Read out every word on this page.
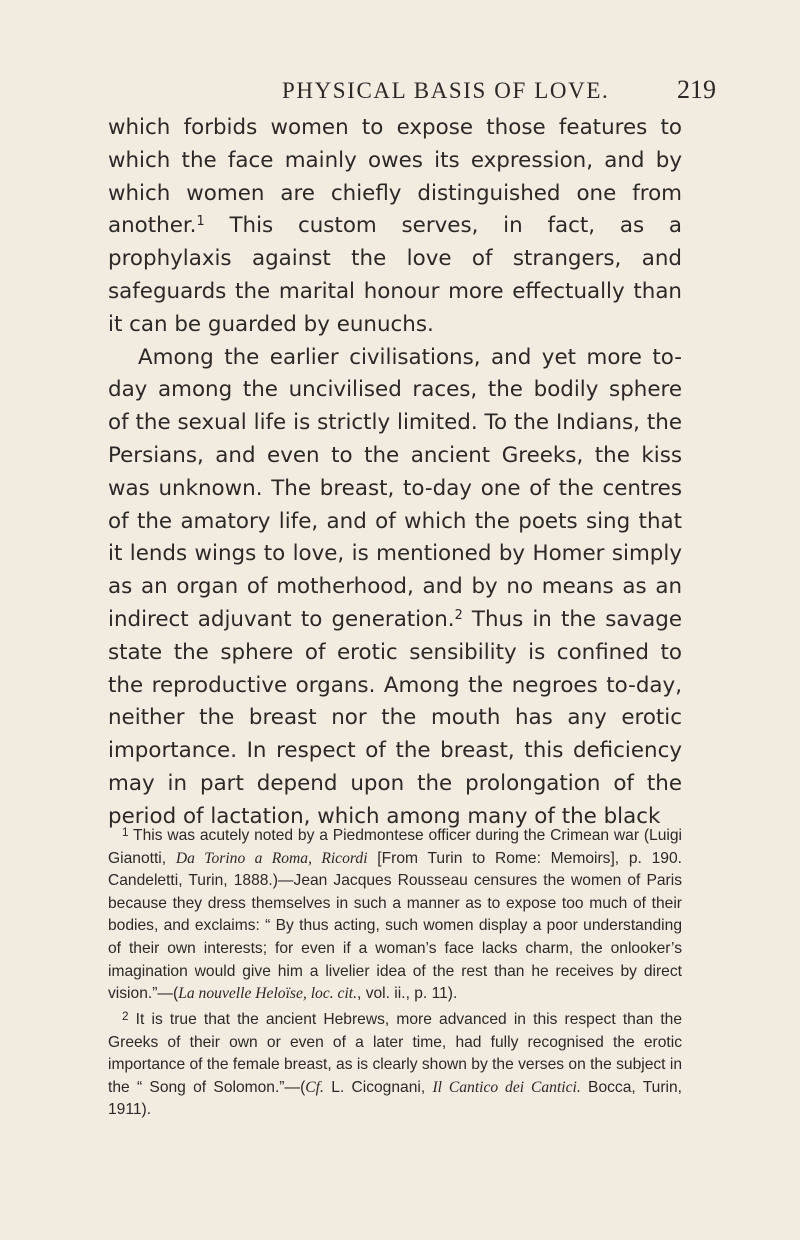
PHYSICAL BASIS OF LOVE.	219

which forbids women to expose those features to which the face mainly owes its expression, and by which women are chiefly distinguished one from another.$^1$ This custom serves, in fact, as a prophylaxis against the love of strangers, and safeguards the marital honour more effectually than it can be guarded by eunuchs.

Among the earlier civilisations, and yet more to-day among the uncivilised races, the bodily sphere of the sexual life is strictly limited. To the Indians, the Persians, and even to the ancient Greeks, the kiss was unknown. The breast, to-day one of the centres of the amatory life, and of which the poets sing that it lends wings to love, is mentioned by Homer simply as an organ of motherhood, and by no means as an indirect adjuvant to generation.$^2$ Thus in the savage state the sphere of erotic sensibility is confined to the reproductive organs. Among the negroes to-day, neither the breast nor the mouth has any erotic importance. In respect of the breast, this deficiency may in part depend upon the prolongation of the period of lactation, which among many of the black

$^1$ This was acutely noted by a Piedmontese officer during the Crimean war (Luigi Gianotti, Da Torino a Roma, Ricordi [From Turin to Rome: Memoirs], p. 190. Candeletti, Turin, 1888.)—Jean Jacques Rousseau censures the women of Paris because they dress themselves in such a manner as to expose too much of their bodies, and exclaims: “ By thus acting, such women display a poor understanding of their own interests; for even if a woman’s face lacks charm, the onlooker’s imagination would give him a livelier idea of the rest than he receives by direct vision.”—(La nouvelle Heloïse, loc. cit., vol. ii., p. 11).

$^2$ It is true that the ancient Hebrews, more advanced in this respect than the Greeks of their own or even of a later time, had fully recognised the erotic importance of the female breast, as is clearly shown by the verses on the subject in the “ Song of Solomon.”—(Cf. L. Cicognani, Il Cantico dei Cantici. Bocca, Turin, 1911).
